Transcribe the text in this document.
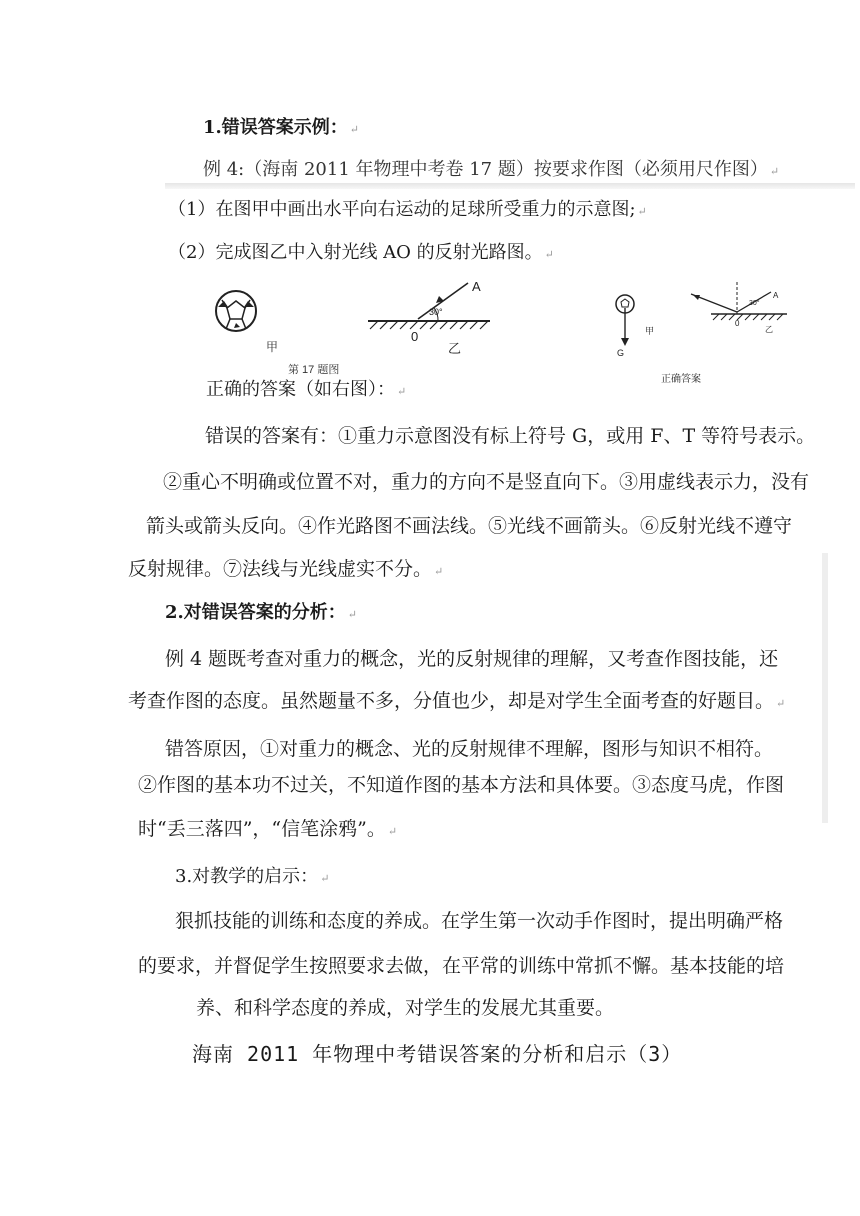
1.错误答案示例： ↵
例 4:（海南 2011 年物理中考卷 17 题）按要求作图（必须用尺作图） ↵
（1）在图甲中画出水平向右运动的足球所受重力的示意图; ↵
（2）完成图乙中入射光线 AO 的反射光路图。 ↵
甲
30°
A
0
乙
第 17 题图
G
甲
30°
A
0
乙
正确答案
正确的答案（如右图）： ↵
错误的答案有：①重力示意图没有标上符号 G，或用 F、T 等符号表示。
②重心不明确或位置不对，重力的方向不是竖直向下。③用虚线表示力，没有
箭头或箭头反向。④作光路图不画法线。⑤光线不画箭头。⑥反射光线不遵守
反射规律。⑦法线与光线虚实不分。 ↵
2.对错误答案的分析： ↵
例 4 题既考查对重力的概念，光的反射规律的理解，又考查作图技能，还
考查作图的态度。虽然题量不多，分值也少，却是对学生全面考查的好题目。 ↵
错答原因，①对重力的概念、光的反射规律不理解，图形与知识不相符。
②作图的基本功不过关，不知道作图的基本方法和具体要。③态度马虎，作图
时“丢三落四”，“信笔涂鸦”。 ↵
3.对教学的启示： ↵
狠抓技能的训练和态度的养成。在学生第一次动手作图时，提出明确严格
的要求，并督促学生按照要求去做，在平常的训练中常抓不懈。基本技能的培
养、和科学态度的养成，对学生的发展尤其重要。
海南 2011 年物理中考错误答案的分析和启示（3）
